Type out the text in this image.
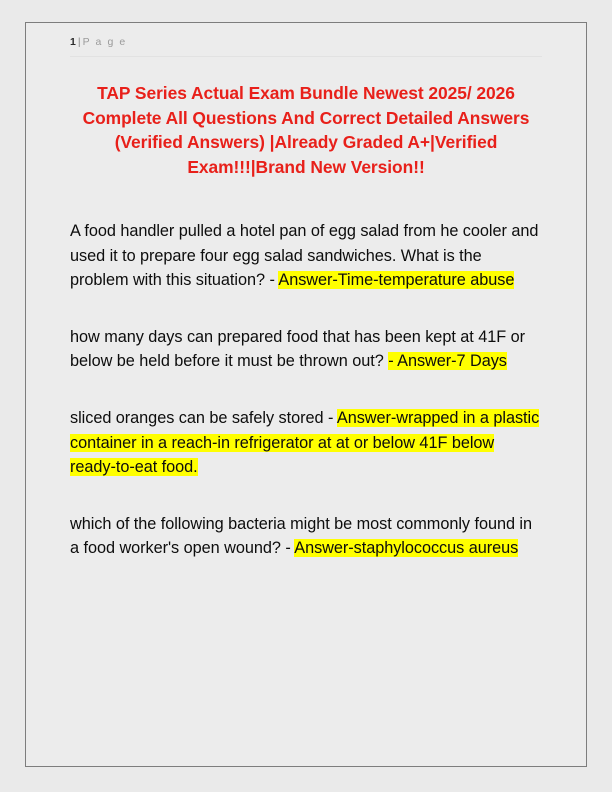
1 | P a g e
TAP Series Actual Exam Bundle Newest 2025/ 2026 Complete All Questions And Correct Detailed Answers (Verified Answers) |Already Graded A+|Verified Exam!!!|Brand New Version!!
A food handler pulled a hotel pan of egg salad from he cooler and used it to prepare four egg salad sandwiches. What is the problem with this situation? - Answer-Time-temperature abuse
how many days can prepared food that has been kept at 41F or below be held before it must be thrown out? - Answer-7 Days
sliced oranges can be safely stored - Answer-wrapped in a plastic container in a reach-in refrigerator at at or below 41F below ready-to-eat food.
which of the following bacteria might be most commonly found in a food worker's open wound? - Answer-staphylococcus aureus
